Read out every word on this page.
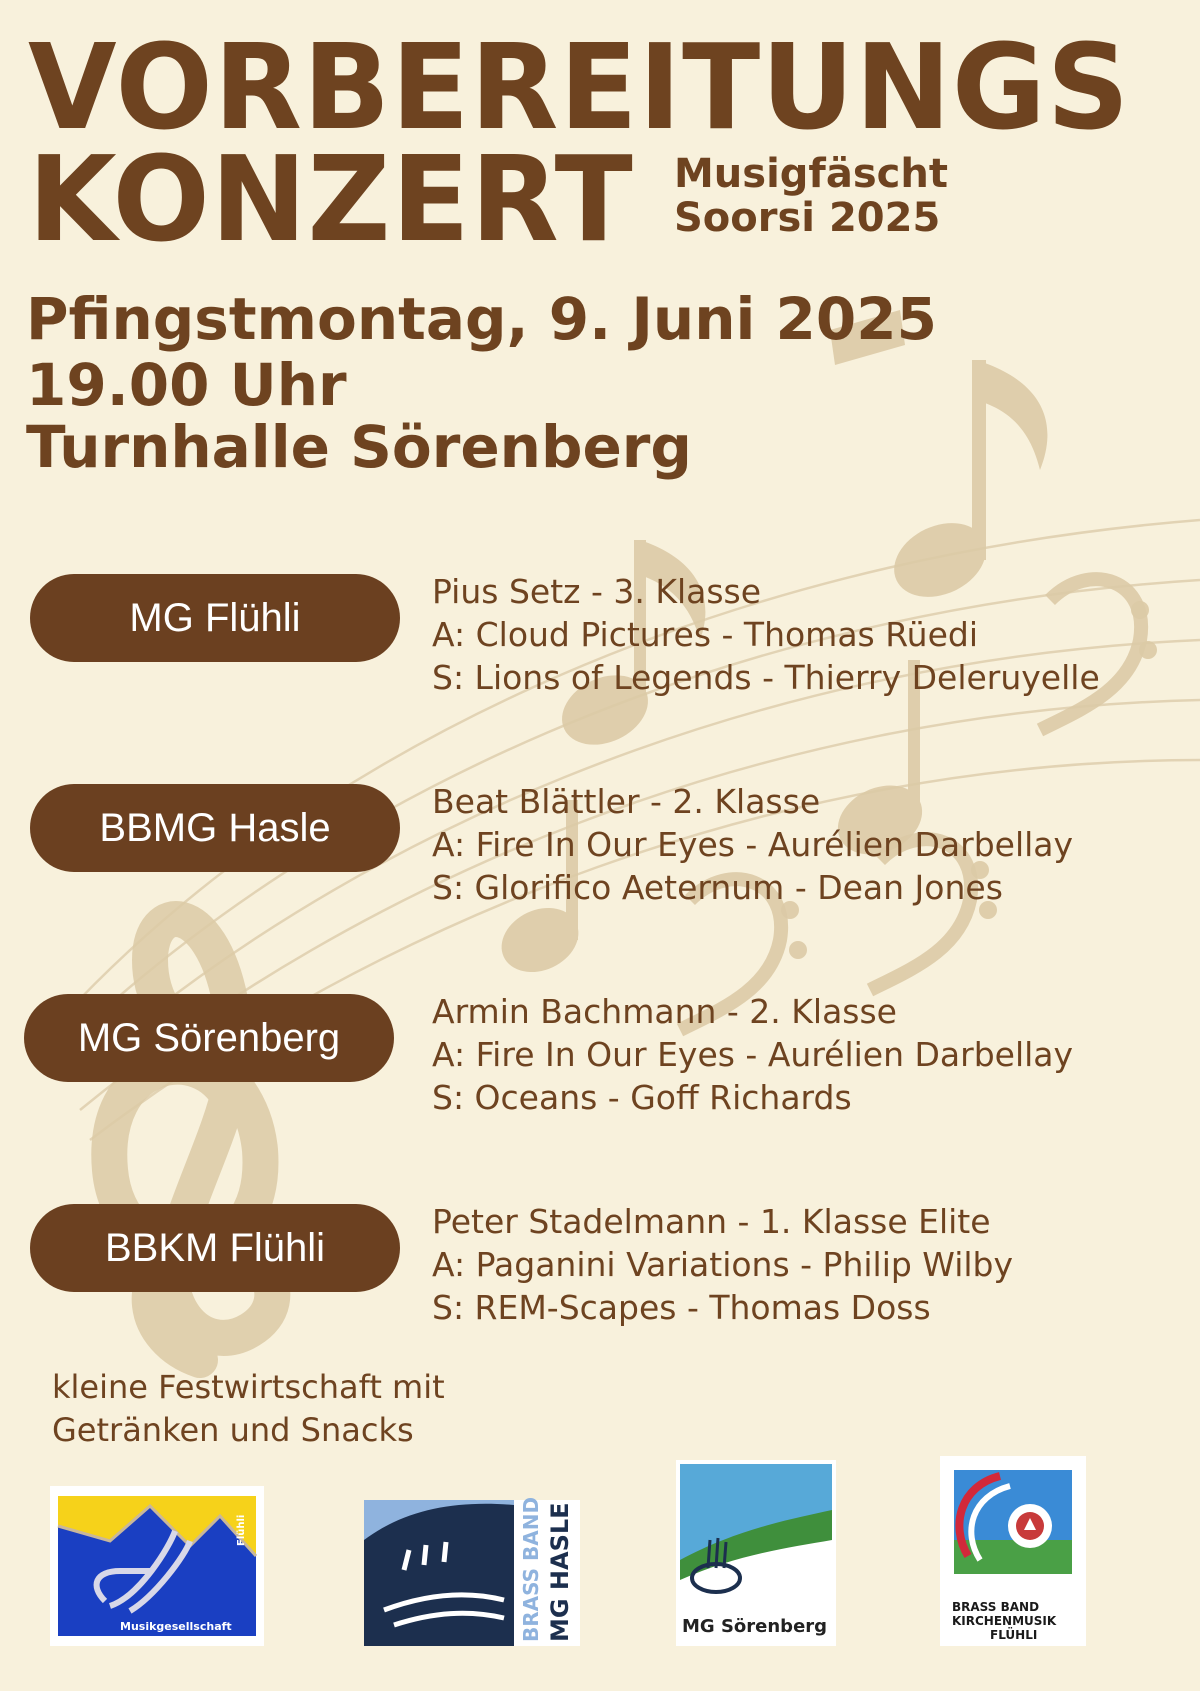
VORBEREITUNGS
KONZERT Musigfäscht
Soorsi 2025
Pfingstmontag, 9. Juni 2025
19.00 Uhr
Turnhalle Sörenberg
MG Flühli
Pius Setz - 3. Klasse
A: Cloud Pictures - Thomas Rüedi
S: Lions of Legends - Thierry Deleruyelle
BBMG Hasle
Beat Blättler - 2. Klasse
A: Fire In Our Eyes - Aurélien Darbellay
S: Glorifico Aeternum - Dean Jones
MG Sörenberg
Armin Bachmann - 2. Klasse
A: Fire In Our Eyes - Aurélien Darbellay
S: Oceans - Goff Richards
BBKM Flühli
Peter Stadelmann - 1. Klasse Elite
A: Paganini Variations - Philip Wilby
S: REM-Scapes - Thomas Doss
kleine Festwirtschaft mit
Getränken und Snacks
Musikgesellschaft
Flühli	BRASS BAND MG HASLE	MG Sörenberg
BRASS BAND
KIRCHENMUSIK
FLÜHLI
